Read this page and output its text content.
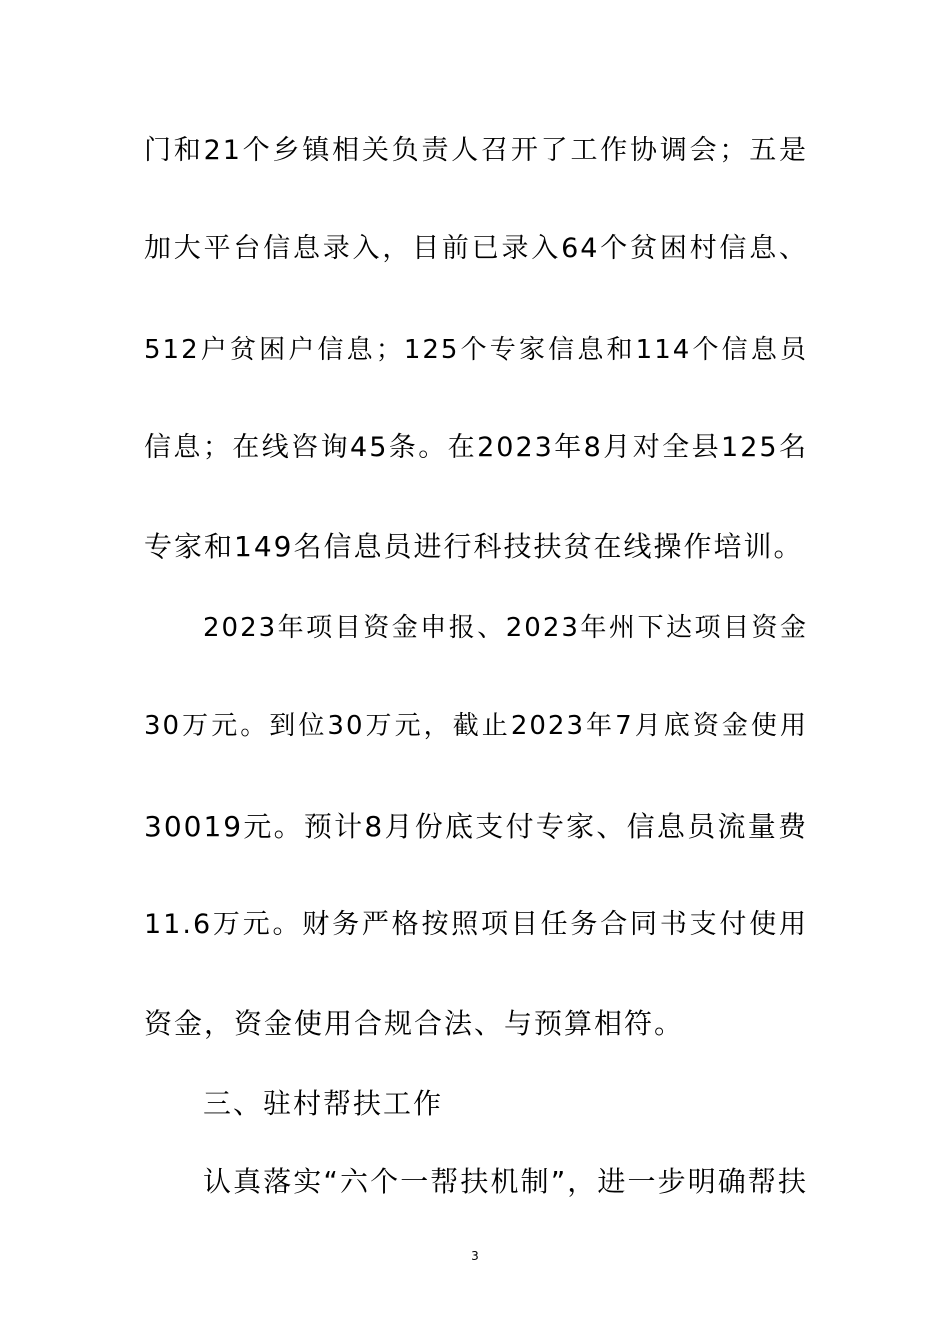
门和21个乡镇相关负责人召开了工作协调会；五是
加大平台信息录入，目前已录入64个贫困村信息、
512户贫困户信息；125个专家信息和114个信息员
信息；在线咨询45条。在2023年8月对全县125名
专家和149名信息员进行科技扶贫在线操作培训。
2023年项目资金申报、2023年州下达项目资金
30万元。到位30万元，截止2023年7月底资金使用
30019元。预计8月份底支付专家、信息员流量费
11.6万元。财务严格按照项目任务合同书支付使用
资金，资金使用合规合法、与预算相符。
三、驻村帮扶工作
认真落实“六个一帮扶机制”，进一步明确帮扶
3
